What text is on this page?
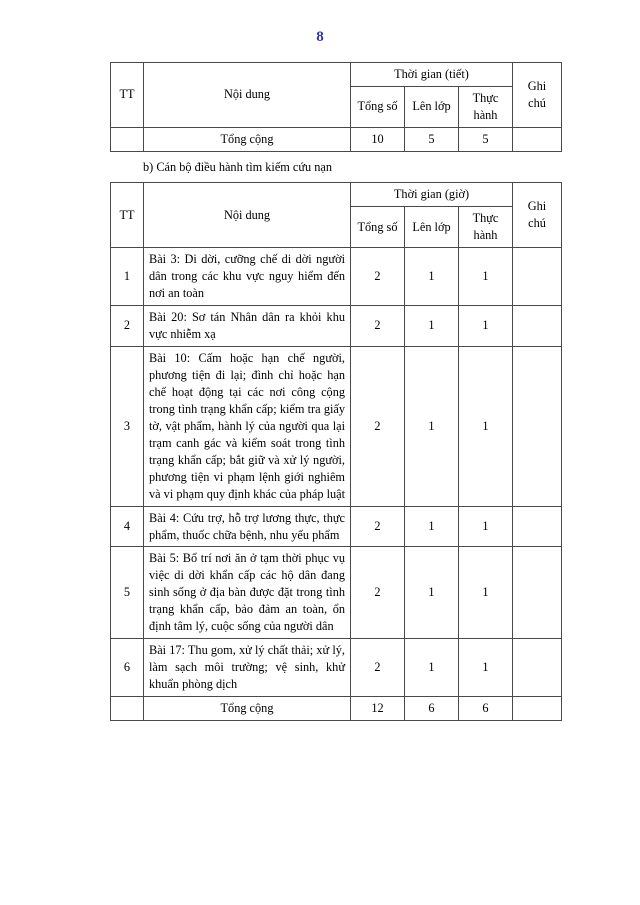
8
TT	Nội dung	Thời gian (tiết)			Ghi chú
		Tổng số	Lên lớp	Thực hành	
	Tổng cộng	10	5	5	
b) Cán bộ điều hành tìm kiếm cứu nạn
TT	Nội dung	Thời gian (giờ)			Ghi chú
		Tổng số	Lên lớp	Thực hành	
1	Bài 3: Di dời, cưỡng chế di dời người dân trong các khu vực nguy hiểm đến nơi an toàn	2	1	1	
2	Bài 20: Sơ tán Nhân dân ra khỏi khu vực nhiễm xạ	2	1	1	
3	Bài 10: Cấm hoặc hạn chế người, phương tiện đi lại; đình chỉ hoặc hạn chế hoạt động tại các nơi công cộng trong tình trạng khẩn cấp; kiểm tra giấy tờ, vật phẩm, hành lý của người qua lại trạm canh gác và kiểm soát trong tình trạng khẩn cấp; bắt giữ và xử lý người, phương tiện vi phạm lệnh giới nghiêm và vi phạm quy định khác của pháp luật	2	1	1	
4	Bài 4: Cứu trợ, hỗ trợ lương thực, thực phẩm, thuốc chữa bệnh, nhu yếu phẩm	2	1	1	
5	Bài 5: Bố trí nơi ăn ở tạm thời phục vụ việc di dời khẩn cấp các hộ dân đang sinh sống ở địa bàn được đặt trong tình trạng khẩn cấp, bảo đảm an toàn, ổn định tâm lý, cuộc sống của người dân	2	1	1	
6	Bài 17: Thu gom, xử lý chất thải; xử lý, làm sạch môi trường; vệ sinh, khử khuẩn phòng dịch	2	1	1	
	Tổng cộng	12	6	6	
